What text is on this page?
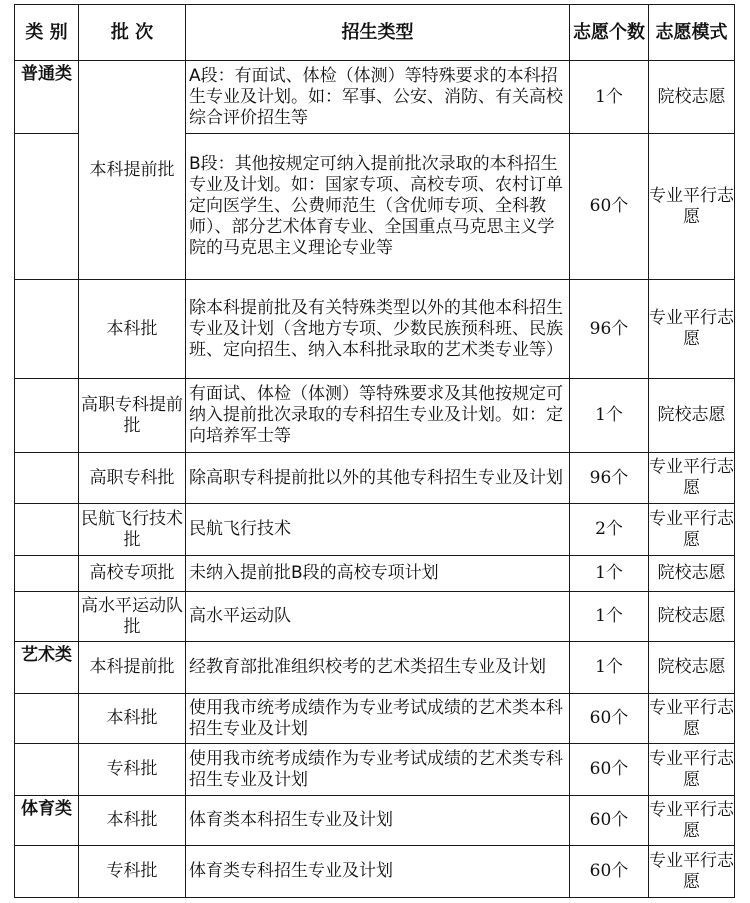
类 别	批 次	招生类型	志愿个数	志愿模式
普通类	本科提前批	A段：有面试、体检（体测）等特殊要求的本科招生专业及计划。如：军事、公安、消防、有关高校综合评价招生等	1个	院校志愿
		B段：其他按规定可纳入提前批次录取的本科招生专业及计划。如：国家专项、高校专项、农村订单定向医学生、公费师范生（含优师专项、全科教师）、部分艺术体育专业、全国重点马克思主义学院的马克思主义理论专业等	60个	专业平行志愿
	本科批	除本科提前批及有关特殊类型以外的其他本科招生专业及计划（含地方专项、少数民族预科班、民族班、定向招生、纳入本科批录取的艺术类专业等）	96个	专业平行志愿
	高职专科提前批	有面试、体检（体测）等特殊要求及其他按规定可纳入提前批次录取的专科招生专业及计划。如：定向培养军士等	1个	院校志愿
	高职专科批	除高职专科提前批以外的其他专科招生专业及计划	96个	专业平行志愿
	民航飞行技术批	民航飞行技术	2个	专业平行志愿
	高校专项批	未纳入提前批B段的高校专项计划	1个	院校志愿
	高水平运动队批	高水平运动队	1个	院校志愿
艺术类	本科提前批	经教育部批准组织校考的艺术类招生专业及计划	1个	院校志愿
	本科批	使用我市统考成绩作为专业考试成绩的艺术类本科招生专业及计划	60个	专业平行志愿
	专科批	使用我市统考成绩作为专业考试成绩的艺术类专科招生专业及计划	60个	专业平行志愿
体育类	本科批	体育类本科招生专业及计划	60个	专业平行志愿
	专科批	体育类专科招生专业及计划	60个	专业平行志愿
